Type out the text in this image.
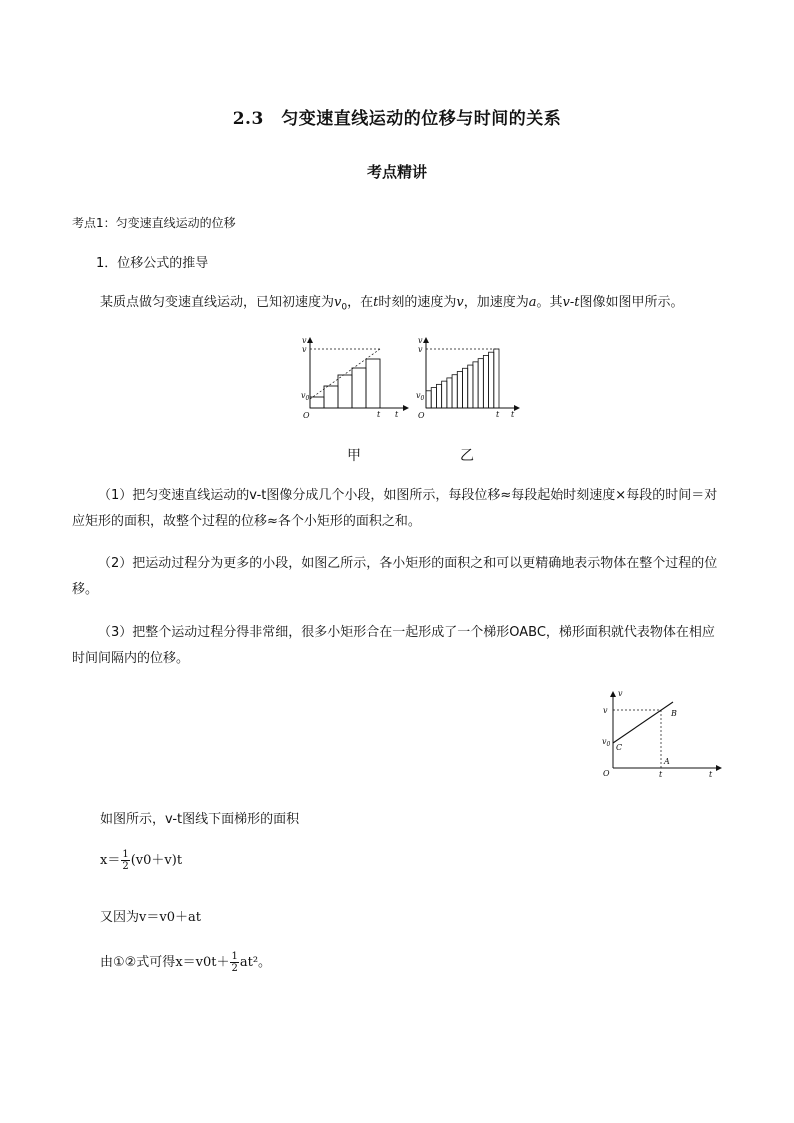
2.3　匀变速直线运动的位移与时间的关系
考点精讲
考点1：匀变速直线运动的位移
1．位移公式的推导
某质点做匀变速直线运动，已知初速度为$v_0$，在t时刻的速度为v，加速度为a。其v-t图像如图甲所示。
v
v
$v_0$
O	t t
v
v
$v_0$
O	t t
甲	乙
（1）把匀变速直线运动的v-t图像分成几个小段，如图所示，每段位移≈每段起始时刻速度×每段的时间＝对应矩形的面积，故整个过程的位移≈各个小矩形的面积之和。
（2）把运动过程分为更多的小段，如图乙所示，各小矩形的面积之和可以更精确地表示物体在整个过程的位移。
（3）把整个运动过程分得非常细，很多小矩形合在一起形成了一个梯形OABC，梯形面积就代表物体在相应时间间隔内的位移。
v
v
$v_0$ C
B
A
O	t	t
如图所示，v-t图线下面梯形的面积
$x= \frac{1}{2} (v0+v)t$
又因为v＝v0＋at
由①②式可得$x=v0t+ \frac{1}{2} at^2$。
